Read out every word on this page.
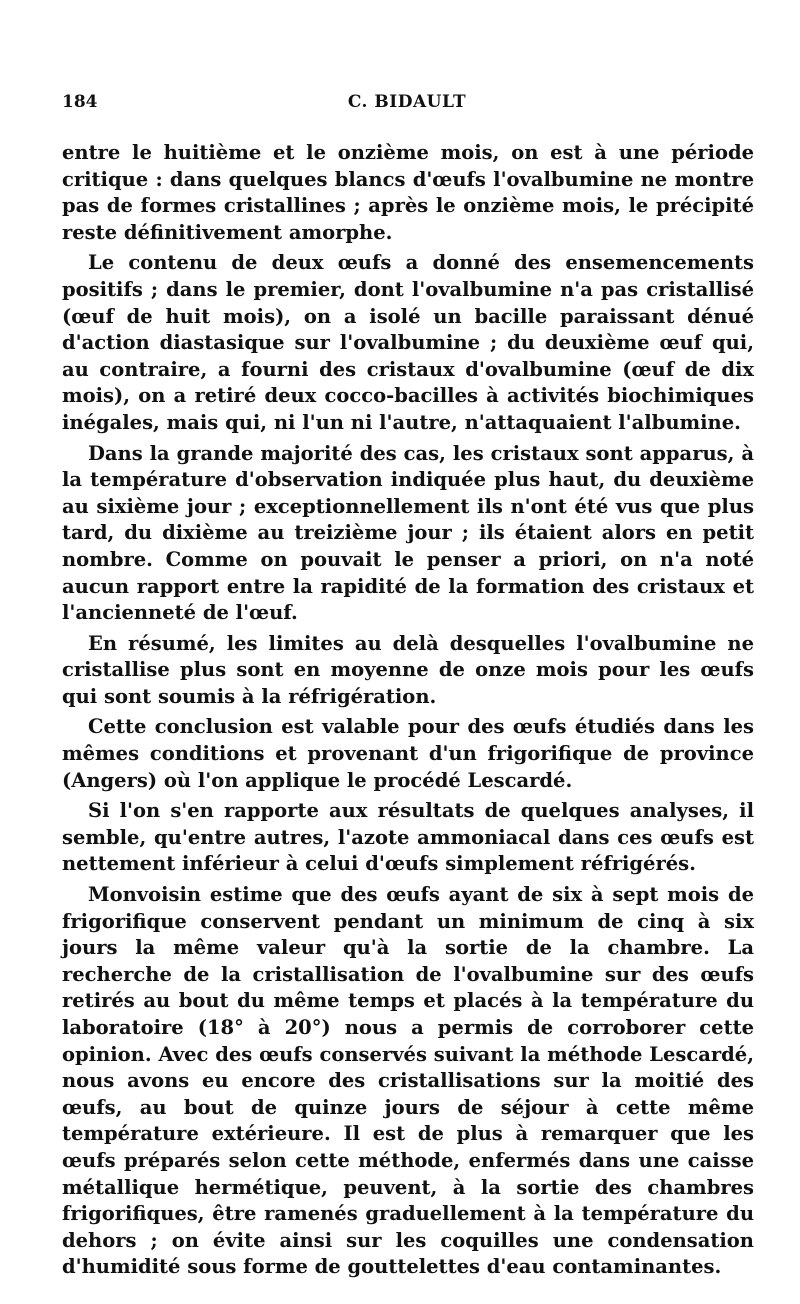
184	C. BIDAULT

entre le huitième et le onzième mois, on est à une période critique : dans quelques blancs d'œufs l'ovalbumine ne montre pas de formes cristallines ; après le onzième mois, le précipité reste définitivement amorphe.

Le contenu de deux œufs a donné des ensemencements positifs ; dans le premier, dont l'ovalbumine n'a pas cristallisé (œuf de huit mois), on a isolé un bacille paraissant dénué d'action diastasique sur l'ovalbumine ; du deuxième œuf qui, au contraire, a fourni des cristaux d'ovalbumine (œuf de dix mois), on a retiré deux cocco-bacilles à activités biochimiques inégales, mais qui, ni l'un ni l'autre, n'attaquaient l'albumine.

Dans la grande majorité des cas, les cristaux sont apparus, à la température d'observation indiquée plus haut, du deuxième au sixième jour ; exceptionnellement ils n'ont été vus que plus tard, du dixième au treizième jour ; ils étaient alors en petit nombre. Comme on pouvait le penser a priori, on n'a noté aucun rapport entre la rapidité de la formation des cristaux et l'ancienneté de l'œuf.

En résumé, les limites au delà desquelles l'ovalbumine ne cristallise plus sont en moyenne de onze mois pour les œufs qui sont soumis à la réfrigération.

Cette conclusion est valable pour des œufs étudiés dans les mêmes conditions et provenant d'un frigorifique de province (Angers) où l'on applique le procédé Lescardé.

Si l'on s'en rapporte aux résultats de quelques analyses, il semble, qu'entre autres, l'azote ammoniacal dans ces œufs est nettement inférieur à celui d'œufs simplement réfrigérés.

Monvoisin estime que des œufs ayant de six à sept mois de frigorifique conservent pendant un minimum de cinq à six jours la même valeur qu'à la sortie de la chambre. La recherche de la cristallisation de l'ovalbumine sur des œufs retirés au bout du même temps et placés à la température du laboratoire (18° à 20°) nous a permis de corroborer cette opinion. Avec des œufs conservés suivant la méthode Lescardé, nous avons eu encore des cristallisations sur la moitié des œufs, au bout de quinze jours de séjour à cette même température extérieure. Il est de plus à remarquer que les œufs préparés selon cette méthode, enfermés dans une caisse métallique hermétique, peuvent, à la sortie des chambres frigorifiques, être ramenés graduellement à la température du dehors ; on évite ainsi sur les coquilles une condensation d'humidité sous forme de gouttelettes d'eau contaminantes.
